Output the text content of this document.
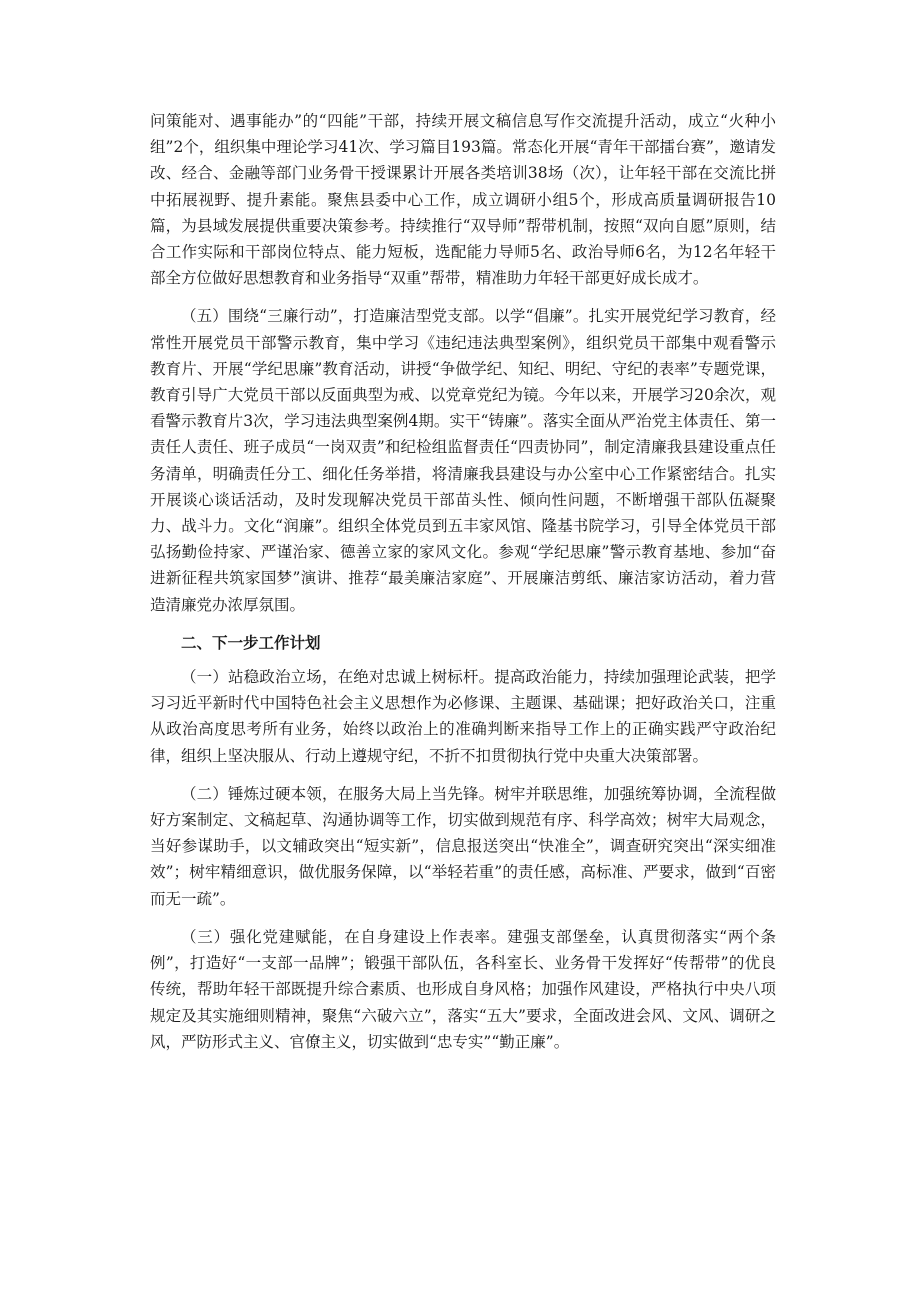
问策能对、遇事能办”的“四能”干部，持续开展文稿信息写作交流提升活动，成立“火种小组”2个，组织集中理论学习41次、学习篇目193篇。常态化开展“青年干部擂台赛”，邀请发改、经合、金融等部门业务骨干授课累计开展各类培训38场（次），让年轻干部在交流比拼中拓展视野、提升素能。聚焦县委中心工作，成立调研小组5个，形成高质量调研报告10篇，为县域发展提供重要决策参考。持续推行“双导师”帮带机制，按照“双向自愿”原则，结合工作实际和干部岗位特点、能力短板，选配能力导师5名、政治导师6名，为12名年轻干部全方位做好思想教育和业务指导“双重”帮带，精准助力年轻干部更好成长成才。

（五）围绕“三廉行动”，打造廉洁型党支部。以学“倡廉”。扎实开展党纪学习教育，经常性开展党员干部警示教育，集中学习《违纪违法典型案例》，组织党员干部集中观看警示教育片、开展“学纪思廉”教育活动，讲授“争做学纪、知纪、明纪、守纪的表率”专题党课，教育引导广大党员干部以反面典型为戒、以党章党纪为镜。今年以来，开展学习20余次，观看警示教育片3次，学习违法典型案例4期。实干“铸廉”。落实全面从严治党主体责任、第一责任人责任、班子成员“一岗双责”和纪检组监督责任“四责协同”，制定清廉我县建设重点任务清单，明确责任分工、细化任务举措，将清廉我县建设与办公室中心工作紧密结合。扎实开展谈心谈话活动，及时发现解决党员干部苗头性、倾向性问题，不断增强干部队伍凝聚力、战斗力。文化“润廉”。组织全体党员到五丰家风馆、隆基书院学习，引导全体党员干部弘扬勤俭持家、严谨治家、德善立家的家风文化。参观“学纪思廉”警示教育基地、参加“奋进新征程共筑家国梦”演讲、推荐“最美廉洁家庭”、开展廉洁剪纸、廉洁家访活动，着力营造清廉党办浓厚氛围。

二、下一步工作计划

（一）站稳政治立场，在绝对忠诚上树标杆。提高政治能力，持续加强理论武装，把学习习近平新时代中国特色社会主义思想作为必修课、主题课、基础课；把好政治关口，注重从政治高度思考所有业务，始终以政治上的准确判断来指导工作上的正确实践严守政治纪律，组织上坚决服从、行动上遵规守纪，不折不扣贯彻执行党中央重大决策部署。

（二）锤炼过硬本领，在服务大局上当先锋。树牢并联思维，加强统筹协调，全流程做好方案制定、文稿起草、沟通协调等工作，切实做到规范有序、科学高效；树牢大局观念，当好参谋助手，以文辅政突出“短实新”，信息报送突出“快准全”，调查研究突出“深实细准效”；树牢精细意识，做优服务保障，以“举轻若重”的责任感，高标准、严要求，做到“百密而无一疏”。

（三）强化党建赋能，在自身建设上作表率。建强支部堡垒，认真贯彻落实“两个条例”，打造好“一支部一品牌”；锻强干部队伍，各科室长、业务骨干发挥好“传帮带”的优良传统，帮助年轻干部既提升综合素质、也形成自身风格；加强作风建设，严格执行中央八项规定及其实施细则精神，聚焦“六破六立”，落实“五大”要求，全面改进会风、文风、调研之风，严防形式主义、官僚主义，切实做到“忠专实”“勤正廉”。
